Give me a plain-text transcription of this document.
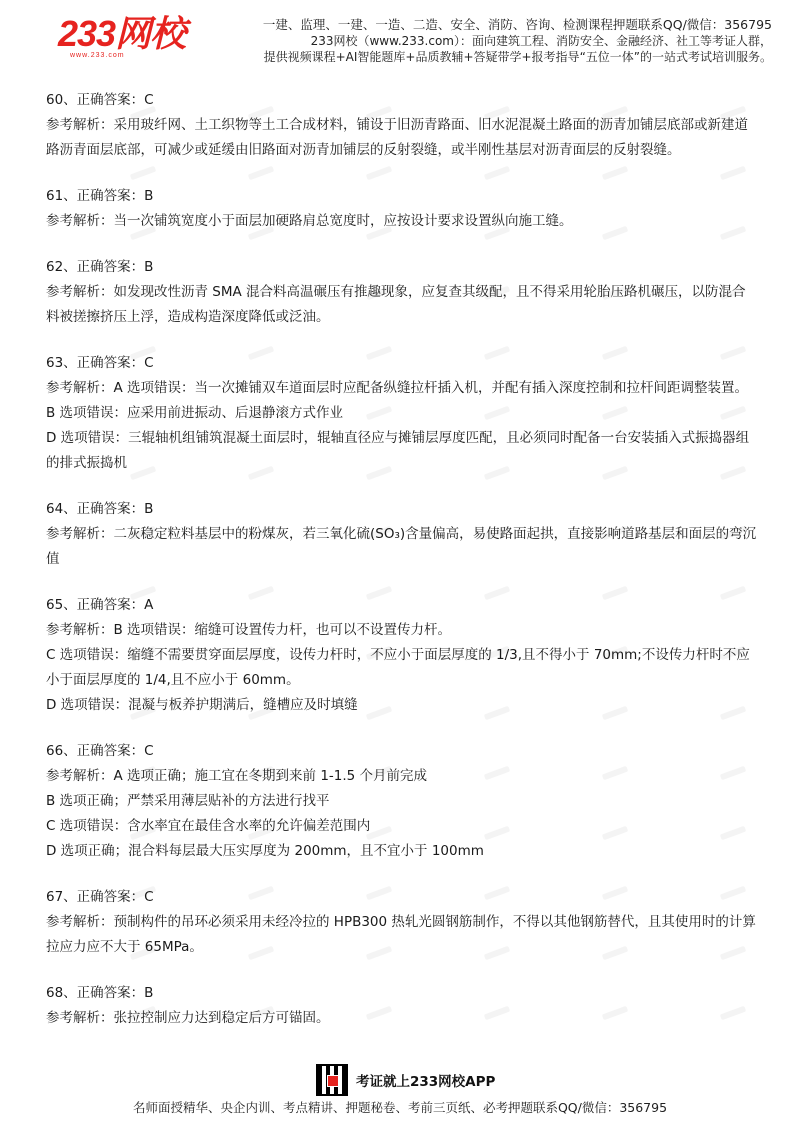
233网校
www.233.com
一建、监理、一建、一造、二造、安全、消防、咨询、检测课程押题联系QQ/微信：356795
233网校（www.233.com）：面向建筑工程、消防安全、金融经济、社工等考证人群，
提供视频课程+AI智能题库+品质教辅+答疑带学+报考指导“五位一体”的一站式考试培训服务。
60、正确答案：C
参考解析：采用玻纤网、土工织物等土工合成材料，铺设于旧沥青路面、旧水泥混凝土路面的沥青加铺层底部或新建道路沥青面层底部，可减少或延缓由旧路面对沥青加铺层的反射裂缝，或半刚性基层对沥青面层的反射裂缝。
61、正确答案：B
参考解析：当一次铺筑宽度小于面层加硬路肩总宽度时，应按设计要求设置纵向施工缝。
62、正确答案：B
参考解析：如发现改性沥青 SMA 混合料高温碾压有推趣现象，应复查其级配，且不得采用轮胎压路机碾压，以防混合料被搓擦挤压上浮，造成构造深度降低或泛油。
63、正确答案：C
参考解析：A 选项错误：当一次摊铺双车道面层时应配备纵缝拉杆插入机，并配有插入深度控制和拉杆间距调整装置。
B 选项错误：应采用前进振动、后退静滚方式作业
D 选项错误：三辊轴机组铺筑混凝土面层时，辊轴直径应与摊铺层厚度匹配，且必须同时配备一台安装插入式振捣器组的排式振捣机
64、正确答案：B
参考解析：二灰稳定粒料基层中的粉煤灰，若三氧化硫(SO₃)含量偏高，易使路面起拱，直接影响道路基层和面层的弯沉值
65、正确答案：A
参考解析：B 选项错误：缩缝可设置传力杆，也可以不设置传力杆。
C 选项错误：缩缝不需要贯穿面层厚度，设传力杆时，不应小于面层厚度的 1/3,且不得小于 70mm;不设传力杆时不应小于面层厚度的 1/4,且不应小于 60mm。
D 选项错误：混凝与板养护期满后，缝槽应及时填缝
66、正确答案：C
参考解析：A 选项正确；施工宜在冬期到来前 1-1.5 个月前完成
B 选项正确；严禁采用薄层贴补的方法进行找平
C 选项错误：含水率宜在最佳含水率的允许偏差范围内
D 选项正确；混合料每层最大压实厚度为 200mm，且不宜小于 100mm
67、正确答案：C
参考解析：预制构件的吊环必须采用未经冷拉的 HPB300 热轧光圆钢筋制作，不得以其他钢筋替代，且其使用时的计算拉应力应不大于 65MPa。
68、正确答案：B
参考解析：张拉控制应力达到稳定后方可锚固。
考证就上233网校APP
名师面授精华、央企内训、考点精讲、押题秘卷、考前三页纸、必考押题联系QQ/微信：356795
